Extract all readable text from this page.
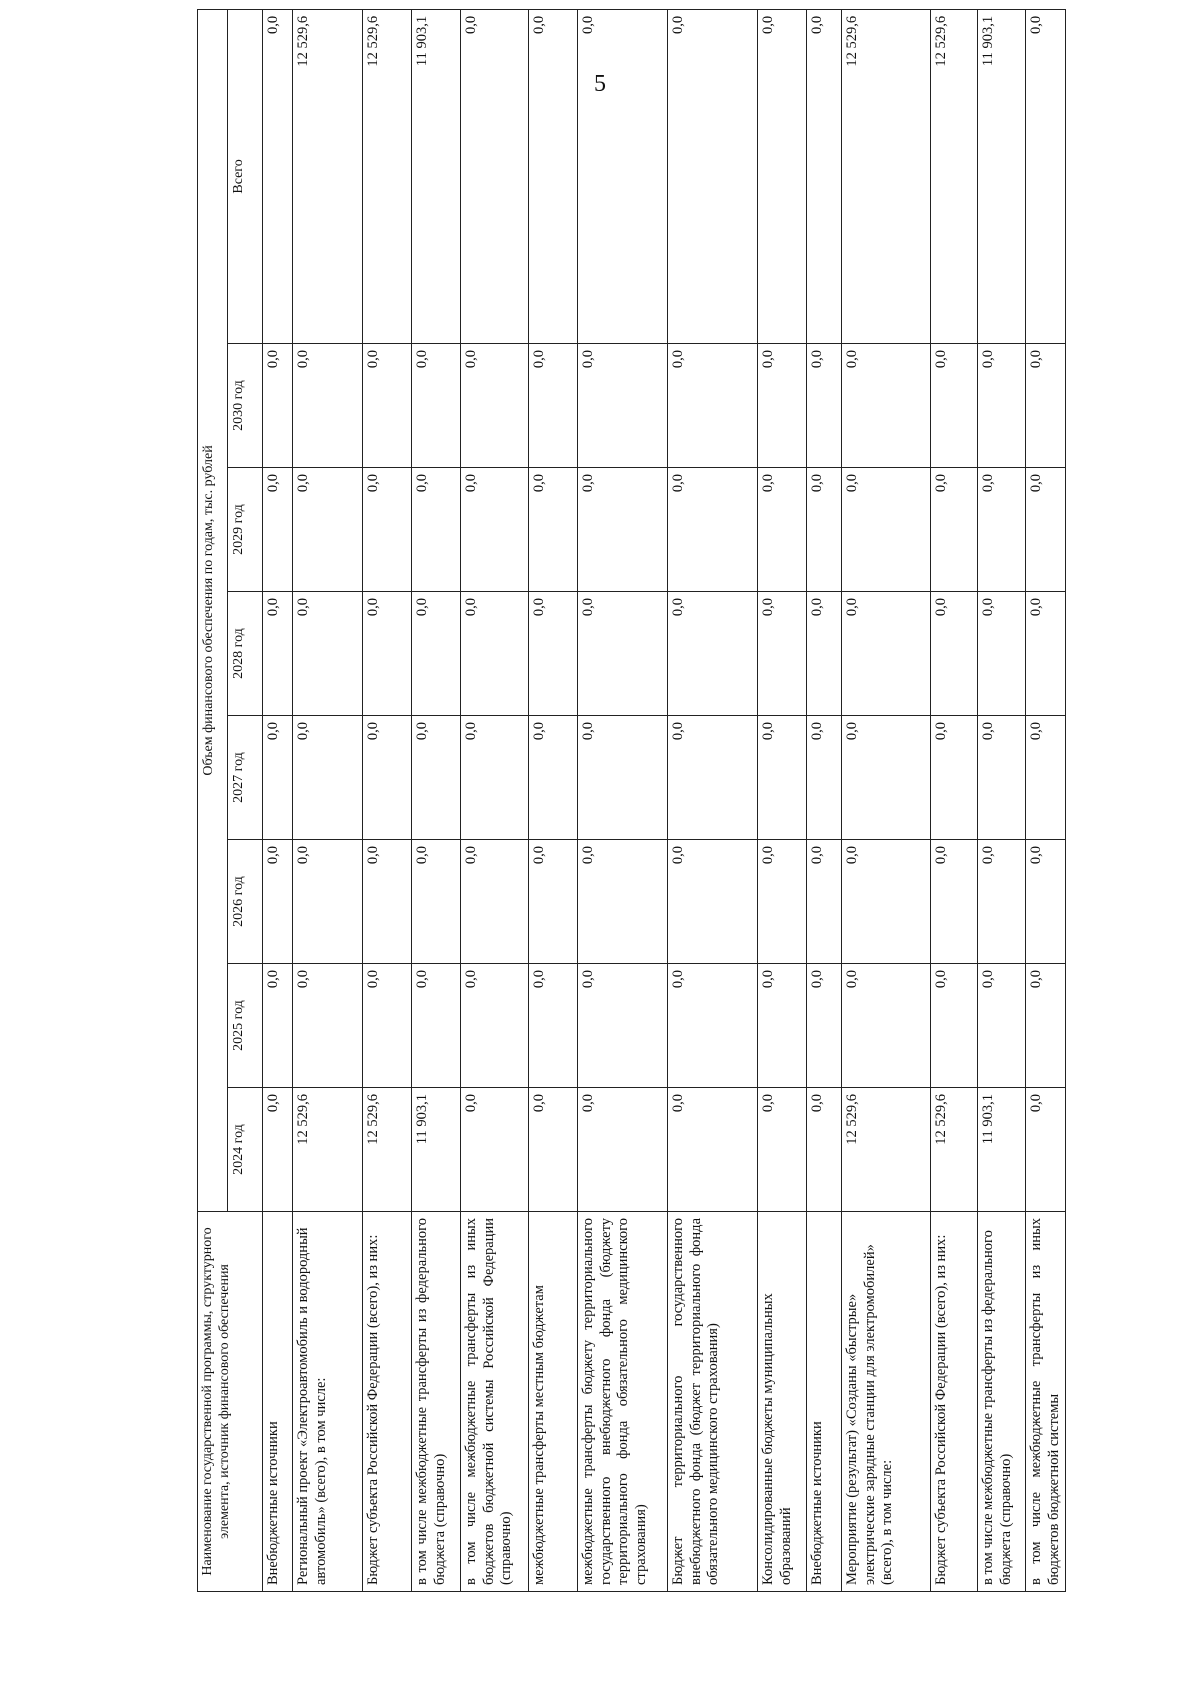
5
Наименование государственной программы, структурного элемента, источник финансового обеспечения	Объем финансового обеспечения по годам, тыс. рублей							
	2024 год	2025 год	2026 год	2027 год	2028 год	2029 год	2030 год	Всего
Внебюджетные источники	0,0	0,0	0,0	0,0	0,0	0,0	0,0	0,0
Региональный проект «Электроавтомобиль и водородный автомобиль» (всего), в том числе:	12 529,6	0,0	0,0	0,0	0,0	0,0	0,0	12 529,6
Бюджет субъекта Российской Федерации (всего), из них:	12 529,6	0,0	0,0	0,0	0,0	0,0	0,0	12 529,6
в том числе межбюджетные трансферты из федерального бюджета (справочно)	11 903,1	0,0	0,0	0,0	0,0	0,0	0,0	11 903,1
в том числе межбюджетные трансферты из иных бюджетов бюджетной системы Российской Федерации (справочно)	0,0	0,0	0,0	0,0	0,0	0,0	0,0	0,0
межбюджетные трансферты местным бюджетам	0,0	0,0	0,0	0,0	0,0	0,0	0,0	0,0
межбюджетные трансферты бюджету территориального государственного внебюджетного фонда (бюджету территориального фонда обязательного медицинского страхования)	0,0	0,0	0,0	0,0	0,0	0,0	0,0	0,0
Бюджет территориального государственного внебюджетного фонда (бюджет территориального фонда обязательного медицинского страхования)	0,0	0,0	0,0	0,0	0,0	0,0	0,0	0,0
Консолидированные бюджеты муниципальных образований	0,0	0,0	0,0	0,0	0,0	0,0	0,0	0,0
Внебюджетные источники	0,0	0,0	0,0	0,0	0,0	0,0	0,0	0,0
Мероприятие (результат) «Созданы «быстрые» электрические зарядные станции для электромобилей» (всего), в том числе:	12 529,6	0,0	0,0	0,0	0,0	0,0	0,0	12 529,6
Бюджет субъекта Российской Федерации (всего), из них:	12 529,6	0,0	0,0	0,0	0,0	0,0	0,0	12 529,6
в том числе межбюджетные трансферты из федерального бюджета (справочно)	11 903,1	0,0	0,0	0,0	0,0	0,0	0,0	11 903,1
в том числе межбюджетные трансферты из иных бюджетов бюджетной системы	0,0	0,0	0,0	0,0	0,0	0,0	0,0	0,0
